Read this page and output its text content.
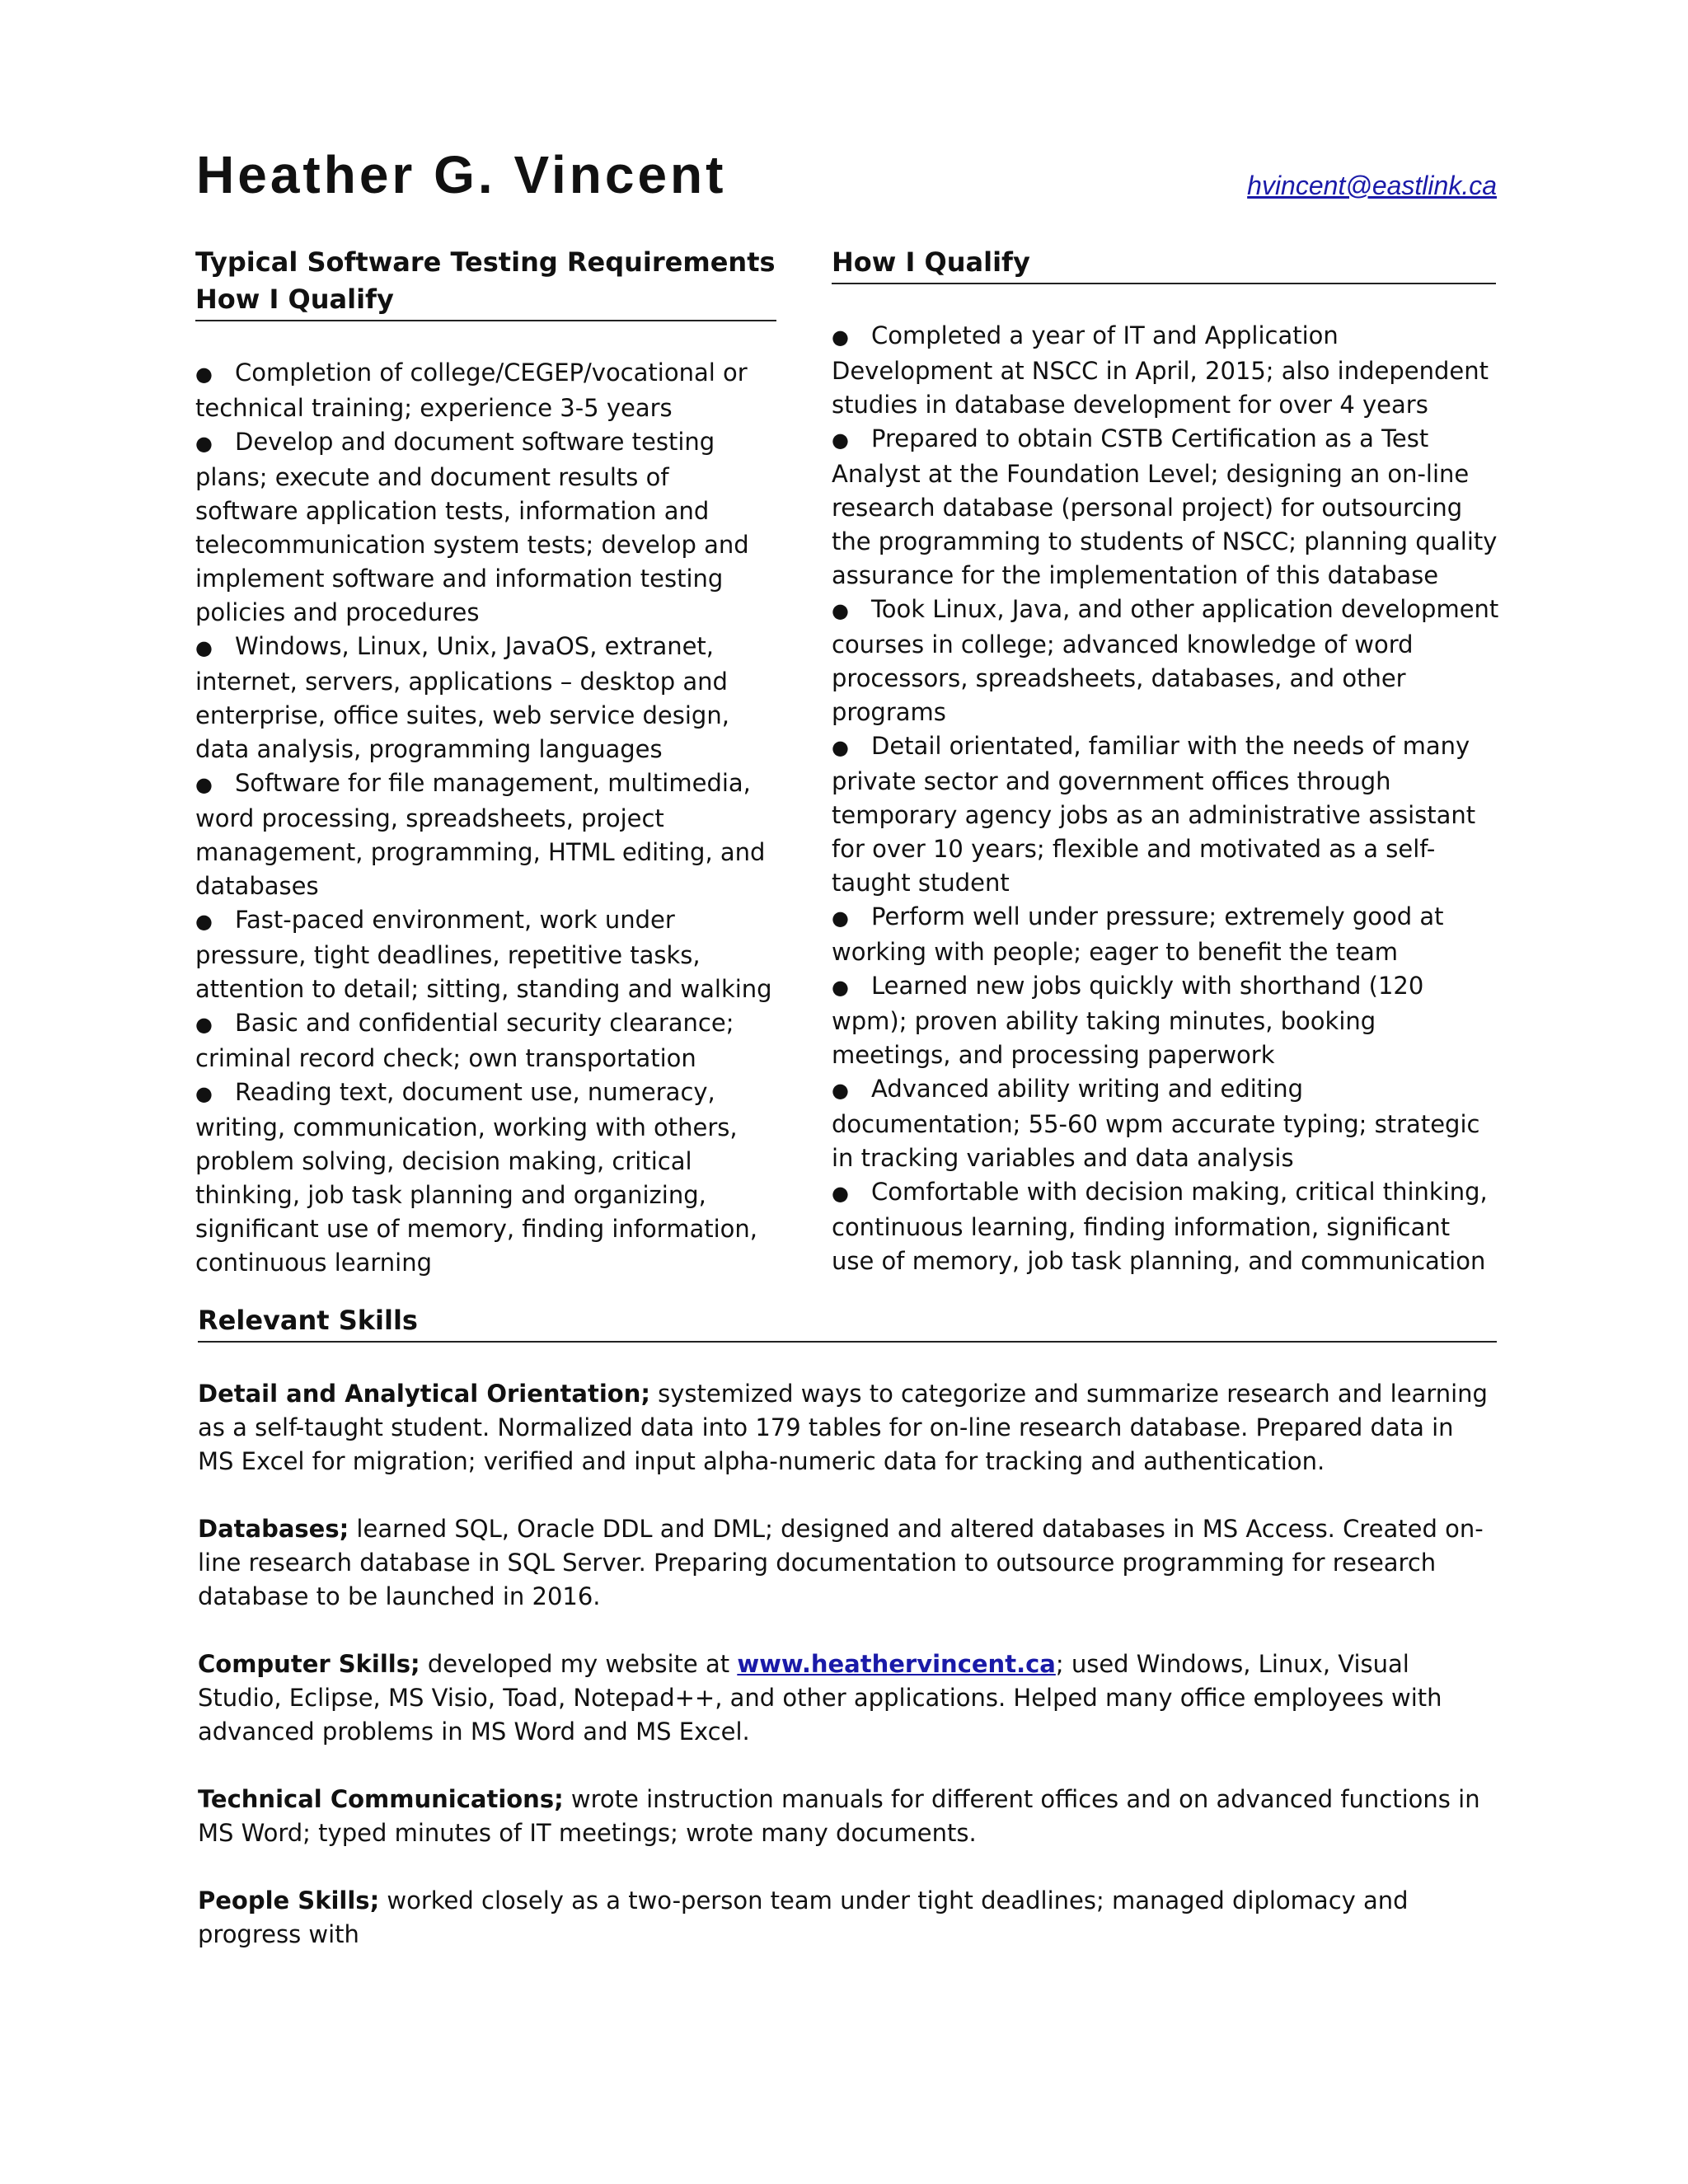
Heather G. Vincent	hvincent@eastlink.ca
Typical Software Testing Requirements
How I Qualify
● Completion of college/CEGEP/vocational or technical training; experience 3-5 years
● Develop and document software testing plans; execute and document results of software application tests, information and telecommunication system tests; develop and implement software and information testing policies and procedures
● Windows, Linux, Unix, JavaOS, extranet, internet, servers, applications – desktop and enterprise, office suites, web service design, data analysis, programming languages
● Software for file management, multimedia, word processing, spreadsheets, project management, programming, HTML editing, and databases
● Fast-paced environment, work under pressure, tight deadlines, repetitive tasks, attention to detail; sitting, standing and walking
● Basic and confidential security clearance; criminal record check; own transportation
● Reading text, document use, numeracy, writing, communication, working with others, problem solving, decision making, critical thinking, job task planning and organizing, significant use of memory, finding information, continuous learning
How I Qualify
● Completed a year of IT and Application Development at NSCC in April, 2015; also independent studies in database development for over 4 years
● Prepared to obtain CSTB Certification as a Test Analyst at the Foundation Level; designing an on-line research database (personal project) for outsourcing the programming to students of NSCC; planning quality assurance for the implementation of this database
● Took Linux, Java, and other application development courses in college; advanced knowledge of word processors, spreadsheets, databases, and other programs
● Detail orientated, familiar with the needs of many private sector and government offices through temporary agency jobs as an administrative assistant for over 10 years; flexible and motivated as a self-taught student
● Perform well under pressure; extremely good at working with people; eager to benefit the team
● Learned new jobs quickly with shorthand (120 wpm); proven ability taking minutes, booking meetings, and processing paperwork
● Advanced ability writing and editing documentation; 55-60 wpm accurate typing; strategic in tracking variables and data analysis
● Comfortable with decision making, critical thinking, continuous learning, finding information, significant use of memory, job task planning, and communication
Relevant Skills

Detail and Analytical Orientation; systemized ways to categorize and summarize research and learning as a self-taught student. Normalized data into 179 tables for on-line research database. Prepared data in MS Excel for migration; verified and input alpha-numeric data for tracking and authentication.

Databases; learned SQL, Oracle DDL and DML; designed and altered databases in MS Access. Created on-line research database in SQL Server. Preparing documentation to outsource programming for research database to be launched in 2016.

Computer Skills; developed my website at www.heathervincent.ca; used Windows, Linux, Visual Studio, Eclipse, MS Visio, Toad, Notepad++, and other applications. Helped many office employees with advanced problems in MS Word and MS Excel.

Technical Communications; wrote instruction manuals for different offices and on advanced functions in MS Word; typed minutes of IT meetings; wrote many documents.

People Skills; worked closely as a two-person team under tight deadlines; managed diplomacy and progress with
